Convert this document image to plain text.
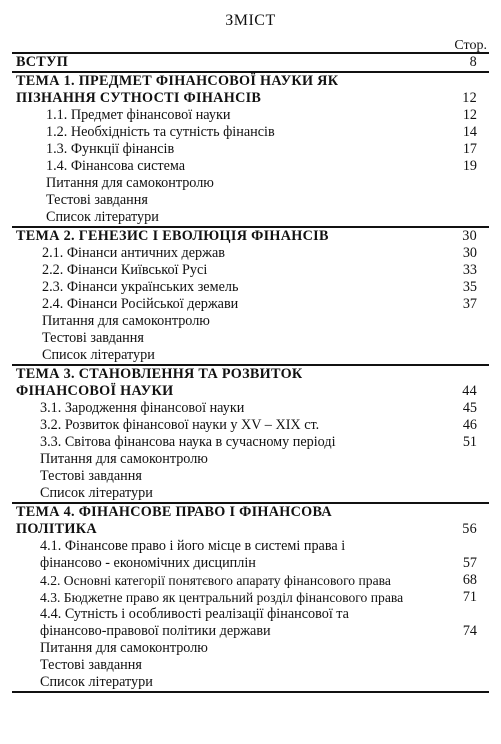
ЗМІСТ
Стор.
ВСТУП	8
ТЕМА 1. ПРЕДМЕТ ФІНАНСОВОЇ НАУКИ ЯК
ПІЗНАННЯ СУТНОСТІ ФІНАНСІВ	12
1.1. Предмет фінансової науки	12
1.2. Необхідність та сутність фінансів	14
1.3. Функції фінансів	17
1.4. Фінансова система	19
Питання для самоконтролю
Тестові завдання
Список літератури
ТЕМА 2. ГЕНЕЗИС І ЕВОЛЮЦІЯ ФІНАНСІВ	30
2.1. Фінанси античних держав	30
2.2. Фінанси Київської Русі	33
2.3. Фінанси українських земель	35
2.4. Фінанси Російської держави	37
Питання для самоконтролю
Тестові завдання
Список літератури
ТЕМА 3. СТАНОВЛЕННЯ ТА РОЗВИТОК
ФІНАНСОВОЇ НАУКИ	44
3.1. Зародження фінансової науки	45
3.2. Розвиток фінансової науки у XV – XIX ст.	46
3.3. Світова фінансова наука в сучасному періоді	51
Питання для самоконтролю
Тестові завдання
Список літератури
ТЕМА 4. ФІНАНСОВЕ ПРАВО І ФІНАНСОВА
ПОЛІТИКА	56
4.1. Фінансове право і його місце в системі права і
фінансово - економічних дисциплін	57
4.2. Основні категорії понятєвого апарату фінансового права	68
4.3. Бюджетне право як центральний розділ фінансового права	71
4.4. Сутність і особливості реалізації фінансової та
фінансово-правової політики держави	74
Питання для самоконтролю
Тестові завдання
Список літератури
